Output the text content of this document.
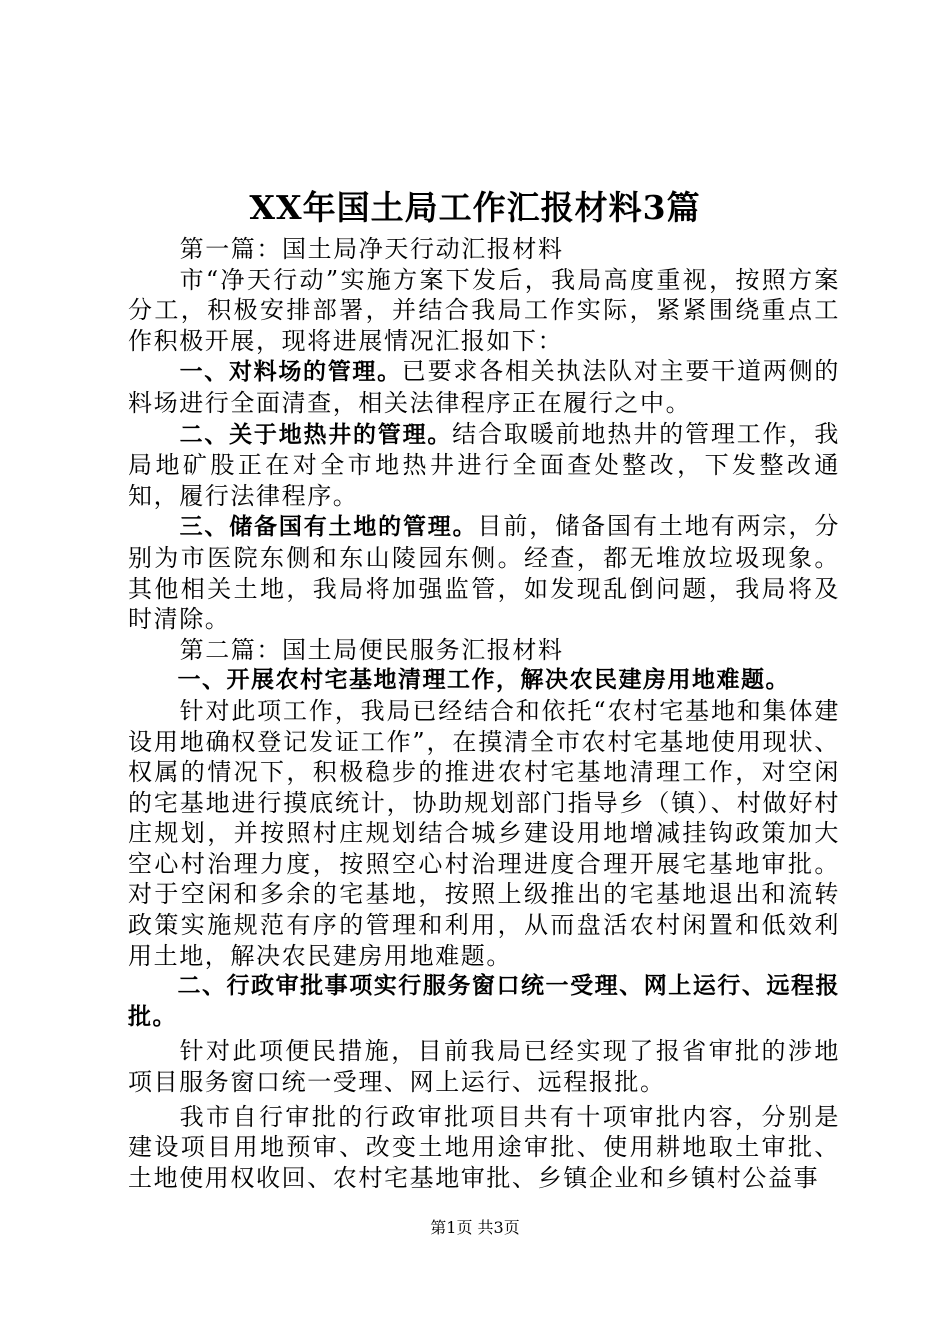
XX年国土局工作汇报材料3篇

第一篇：国土局净天行动汇报材料

市“净天行动”实施方案下发后，我局高度重视，按照方案分工，积极安排部署，并结合我局工作实际，紧紧围绕重点工作积极开展，现将进展情况汇报如下：

一、对料场的管理。已要求各相关执法队对主要干道两侧的料场进行全面清查，相关法律程序正在履行之中。

二、关于地热井的管理。结合取暖前地热井的管理工作，我局地矿股正在对全市地热井进行全面查处整改，下发整改通知，履行法律程序。

三、储备国有土地的管理。目前，储备国有土地有两宗，分别为市医院东侧和东山陵园东侧。经查，都无堆放垃圾现象。其他相关土地，我局将加强监管，如发现乱倒问题，我局将及时清除。

第二篇：国土局便民服务汇报材料

一、开展农村宅基地清理工作，解决农民建房用地难题。

针对此项工作，我局已经结合和依托“农村宅基地和集体建设用地确权登记发证工作”，在摸清全市农村宅基地使用现状、权属的情况下，积极稳步的推进农村宅基地清理工作，对空闲的宅基地进行摸底统计，协助规划部门指导乡（镇）、村做好村庄规划，并按照村庄规划结合城乡建设用地增减挂钩政策加大空心村治理力度，按照空心村治理进度合理开展宅基地审批。对于空闲和多余的宅基地，按照上级推出的宅基地退出和流转政策实施规范有序的管理和利用，从而盘活农村闲置和低效利用土地，解决农民建房用地难题。

二、行政审批事项实行服务窗口统一受理、网上运行、远程报批。

针对此项便民措施，目前我局已经实现了报省审批的涉地项目服务窗口统一受理、网上运行、远程报批。

我市自行审批的行政审批项目共有十项审批内容，分别是建设项目用地预审、改变土地用途审批、使用耕地取土审批、土地使用权收回、农村宅基地审批、乡镇企业和乡镇村公益事

第1页 共3页
